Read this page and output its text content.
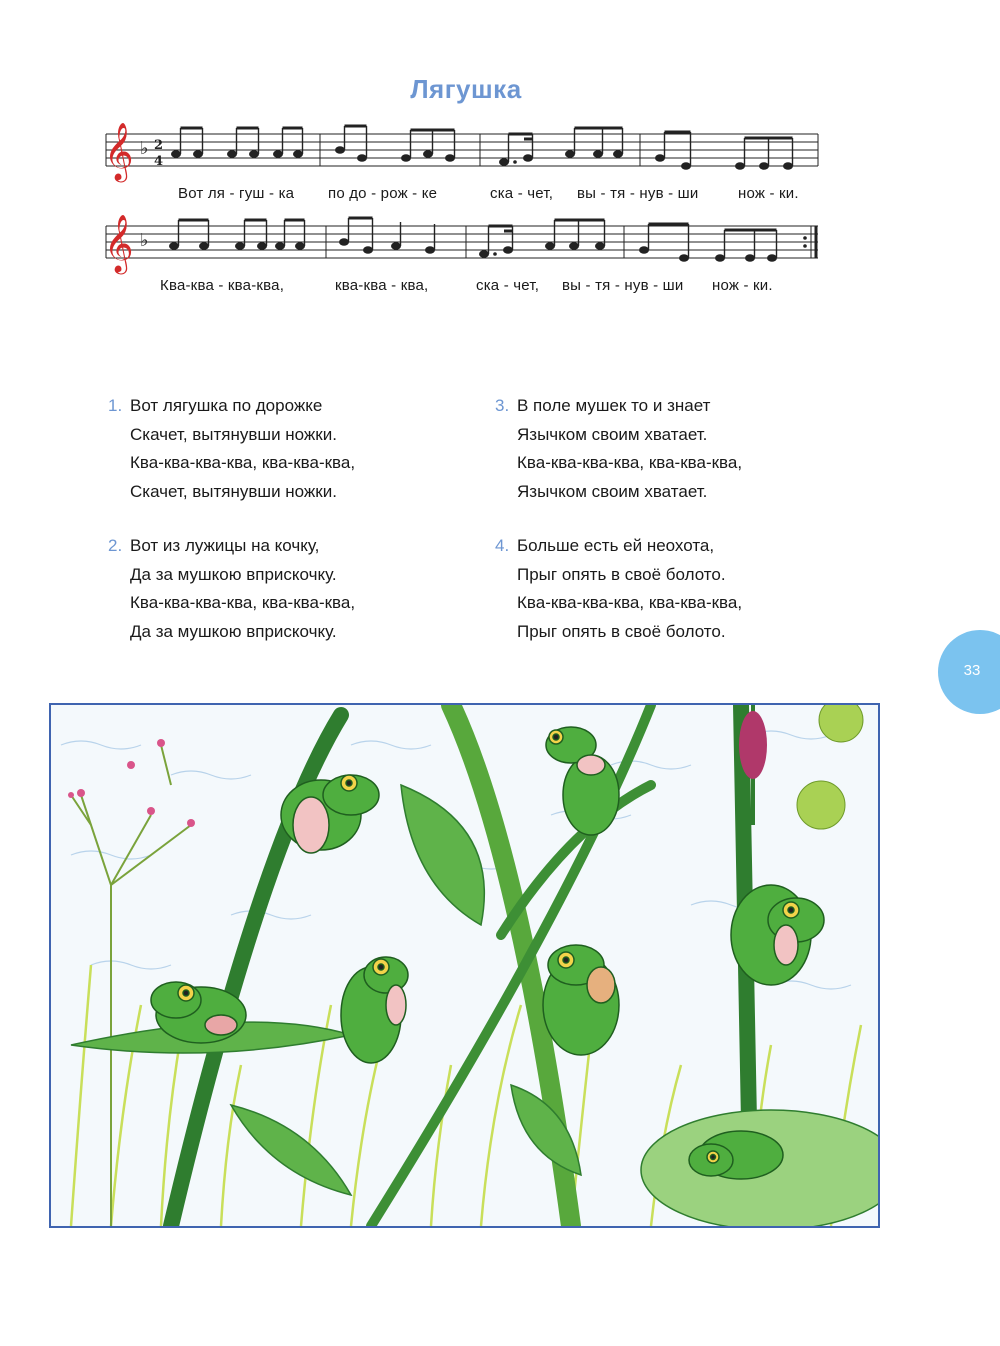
Лягушка
𝄞 ♭ 2
4
Вот ля - гуш - ка по до - рож - ке	ска - чет, вы - тя - нув - ши	нож - ки.
𝄞 ♭
Ква-ква - ква-ква,	ква-ква - ква,	ска - чет, вы - тя - нув - ши нож - ки.
1. Вот лягушка по дорожке
Скачет, вытянувши ножки.
Ква-ква-ква-ква, ква-ква-ква,
Скачет, вытянувши ножки.
2. Вот из лужицы на кочку,
Да за мушкою вприскочку.
Ква-ква-ква-ква, ква-ква-ква,
Да за мушкою вприскочку.
3. В поле мушек то и знает
Язычком своим хватает.
Ква-ква-ква-ква, ква-ква-ква,
Язычком своим хватает.
4. Больше есть ей неохота,
Прыг опять в своё болото.
Ква-ква-ква-ква, ква-ква-ква,
Прыг опять в своё болото.
33
